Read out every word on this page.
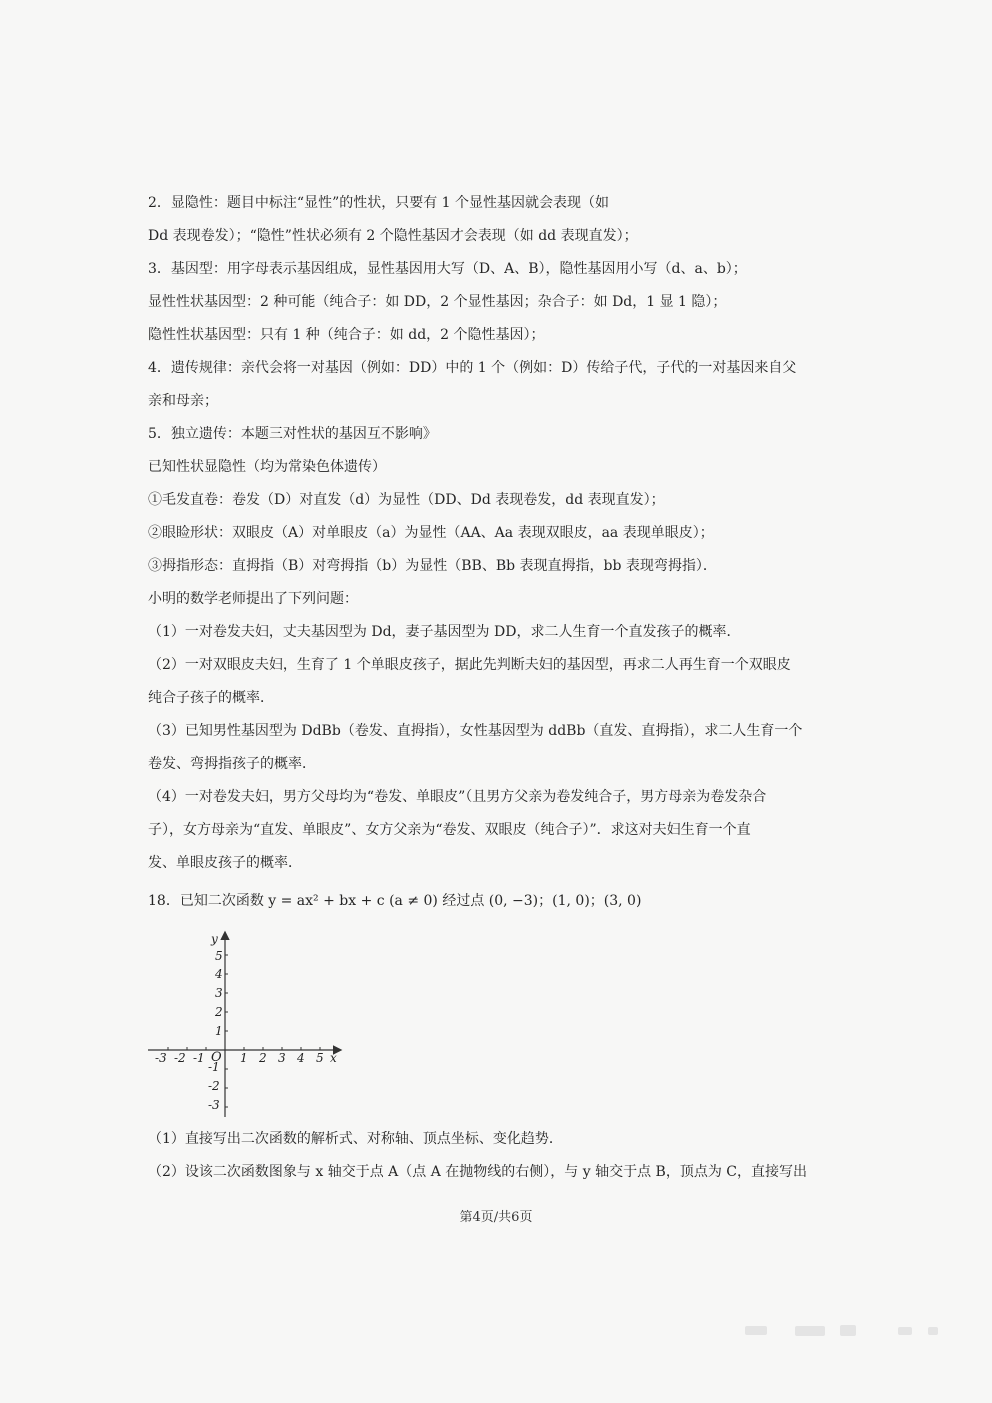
2．显隐性：题目中标注“显性”的性状，只要有 1 个显性基因就会表现（如
Dd 表现卷发）；“隐性”性状必须有 2 个隐性基因才会表现（如 dd 表现直发）；
3．基因型：用字母表示基因组成，显性基因用大写（D、A、B），隐性基因用小写（d、a、b）；
显性性状基因型：2 种可能（纯合子：如 DD，2 个显性基因；杂合子：如 Dd，1 显 1 隐）；
隐性性状基因型：只有 1 种（纯合子：如 dd，2 个隐性基因）；
4．遗传规律：亲代会将一对基因（例如：DD）中的 1 个（例如：D）传给子代，子代的一对基因来自父
亲和母亲；
5．独立遗传：本题三对性状的基因互不影响》
已知性状显隐性（均为常染色体遗传）
①毛发直卷：卷发（D）对直发（d）为显性（DD、Dd 表现卷发，dd 表现直发）；
②眼睑形状：双眼皮（A）对单眼皮（a）为显性（AA、Aa 表现双眼皮，aa 表现单眼皮）；
③拇指形态：直拇指（B）对弯拇指（b）为显性（BB、Bb 表现直拇指，bb 表现弯拇指）．
小明的数学老师提出了下列问题：
（1）一对卷发夫妇，丈夫基因型为 Dd，妻子基因型为 DD，求二人生育一个直发孩子的概率．
（2）一对双眼皮夫妇，生育了 1 个单眼皮孩子，据此先判断夫妇的基因型，再求二人再生育一个双眼皮
纯合子孩子的概率．
（3）已知男性基因型为 DdBb（卷发、直拇指），女性基因型为 ddBb（直发、直拇指），求二人生育一个
卷发、弯拇指孩子的概率．
（4）一对卷发夫妇，男方父母均为“卷发、单眼皮”（且男方父亲为卷发纯合子，男方母亲为卷发杂合
子），女方母亲为“直发、单眼皮”、女方父亲为“卷发、双眼皮（纯合子）”．求这对夫妇生育一个直
发、单眼皮孩子的概率．
18．已知二次函数 y = ax² + bx + c (a ≠ 0) 经过点 (0, −3)；(1, 0)；(3, 0)
-3 -2 -1 O 1 2 3 4 5 x
y
5
4
3
2
1
-1
-2
-3
（1）直接写出二次函数的解析式、对称轴、顶点坐标、变化趋势．
（2）设该二次函数图象与 x 轴交于点 A（点 A 在抛物线的右侧），与 y 轴交于点 B，顶点为 C，直接写出
第4页/共6页
